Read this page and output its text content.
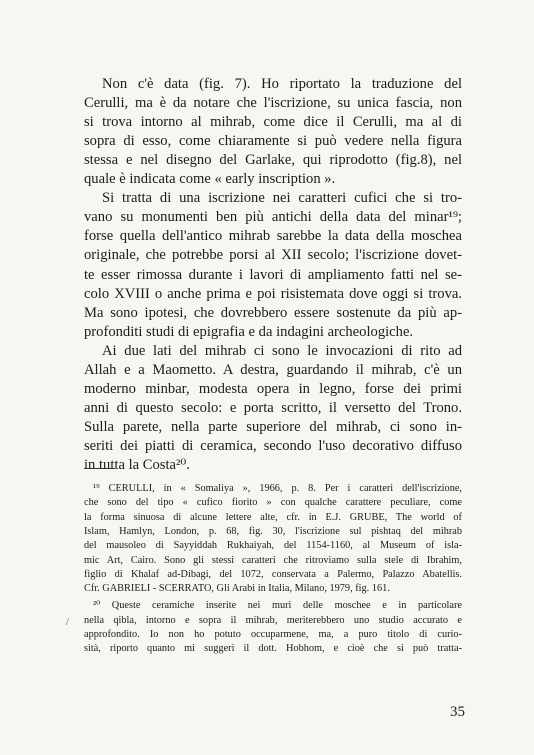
Non c'è data (fig. 7). Ho riportato la traduzione del
Cerulli, ma è da notare che l'iscrizione, su unica fascia, non
si trova intorno al mihrab, come dice il Cerulli, ma al di
sopra di esso, come chiaramente si può vedere nella figura
stessa e nel disegno del Garlake, qui riprodotto (fig.8), nel
quale è indicata come « early inscription ».
Si tratta di una iscrizione nei caratteri cufici che si tro-
vano su monumenti ben più antichi della data del minar¹⁹;
forse quella dell'antico mihrab sarebbe la data della moschea
originale, che potrebbe porsi al XII secolo; l'iscrizione dovet-
te esser rimossa durante i lavori di ampliamento fatti nel se-
colo XVIII o anche prima e poi risistemata dove oggi si trova.
Ma sono ipotesi, che dovrebbero essere sostenute da più ap-
profonditi studi di epigrafia e da indagini archeologiche.
Ai due lati del mihrab ci sono le invocazioni di rito ad
Allah e a Maometto. A destra, guardando il mihrab, c'è un
moderno minbar, modesta opera in legno, forse dei primi
anni di questo secolo: e porta scritto, il versetto del Trono.
Sulla parete, nella parte superiore del mihrab, ci sono in-
seriti dei piatti di ceramica, secondo l'uso decorativo diffuso
in tutta la Costa²⁰.
¹⁹ CERULLI, in « Somaliya », 1966, p. 8. Per i caratteri dell'iscrizione,
che sono del tipo « cufico fiorito » con qualche carattere peculiare, come
la forma sinuosa di alcune lettere alte, cfr. in E.J. GRUBE, The world of
Islam, Hamlyn, London, p. 68, fig. 30, l'iscrizione sul pishtaq del mihrab
del mausoleo di Sayyiddah Rukhaiyah, del 1154-1160, al Museum of isla-
mic Art, Cairo. Sono gli stessi caratteri che ritroviamo sulla stele di Ibrahim,
figlio di Khalaf ad-Dibagi, del 1072, conservata a Palermo, Palazzo Abatellis.
Cfr. GABRIELI - SCERRATO, Gli Arabi in Italia, Milano, 1979, fig. 161.
²⁰ Queste ceramiche inserite nei muri delle moschee e in particolare
nella qibla, intorno e sopra il mihrab, meriterebbero uno studio accurato e
approfondito. Io non ho potuto occuparmene, ma, a puro titolo di curio-
sità, riporto quanto mi suggerì il dott. Hobhom, e cioè che si può tratta-
/
35
